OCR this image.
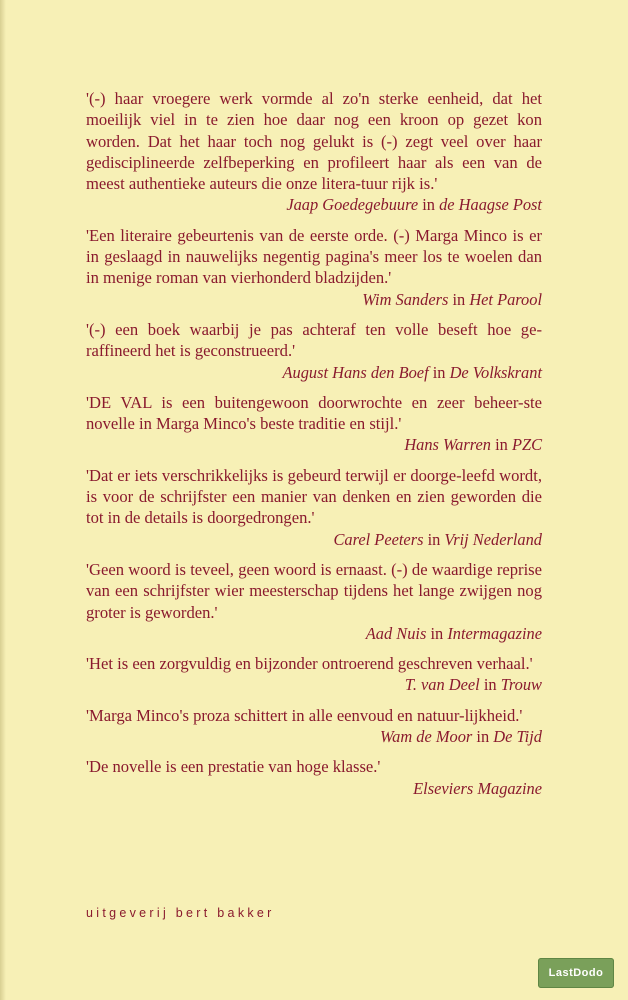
'(-) haar vroegere werk vormde al zo'n sterke eenheid, dat het moeilijk viel in te zien hoe daar nog een kroon op gezet kon worden. Dat het haar toch nog gelukt is (-) zegt veel over haar gedisciplineerde zelfbeperking en profileert haar als een van de meest authentieke auteurs die onze litera-tuur rijk is.'

Jaap Goedegebuure in de Haagse Post

'Een literaire gebeurtenis van de eerste orde. (-) Marga Minco is er in geslaagd in nauwelijks negentig pagina's meer los te woelen dan in menige roman van vierhonderd bladzijden.'

Wim Sanders in Het Parool

'(-) een boek waarbij je pas achteraf ten volle beseft hoe ge-raffineerd het is geconstrueerd.'

August Hans den Boef in De Volkskrant

'DE VAL is een buitengewoon doorwrochte en zeer beheer-ste novelle in Marga Minco's beste traditie en stijl.'

Hans Warren in PZC

'Dat er iets verschrikkelijks is gebeurd terwijl er doorge-leefd wordt, is voor de schrijfster een manier van denken en zien geworden die tot in de details is doorgedrongen.'

Carel Peeters in Vrij Nederland

'Geen woord is teveel, geen woord is ernaast. (-) de waardige reprise van een schrijfster wier meesterschap tijdens het lange zwijgen nog groter is geworden.'

Aad Nuis in Intermagazine

'Het is een zorgvuldig en bijzonder ontroerend geschreven verhaal.'

T. van Deel in Trouw

'Marga Minco's proza schittert in alle eenvoud en natuur-lijkheid.'

Wam de Moor in De Tijd

'De novelle is een prestatie van hoge klasse.'

Elseviers Magazine

uitgeverij bert bakker
LastDodo
